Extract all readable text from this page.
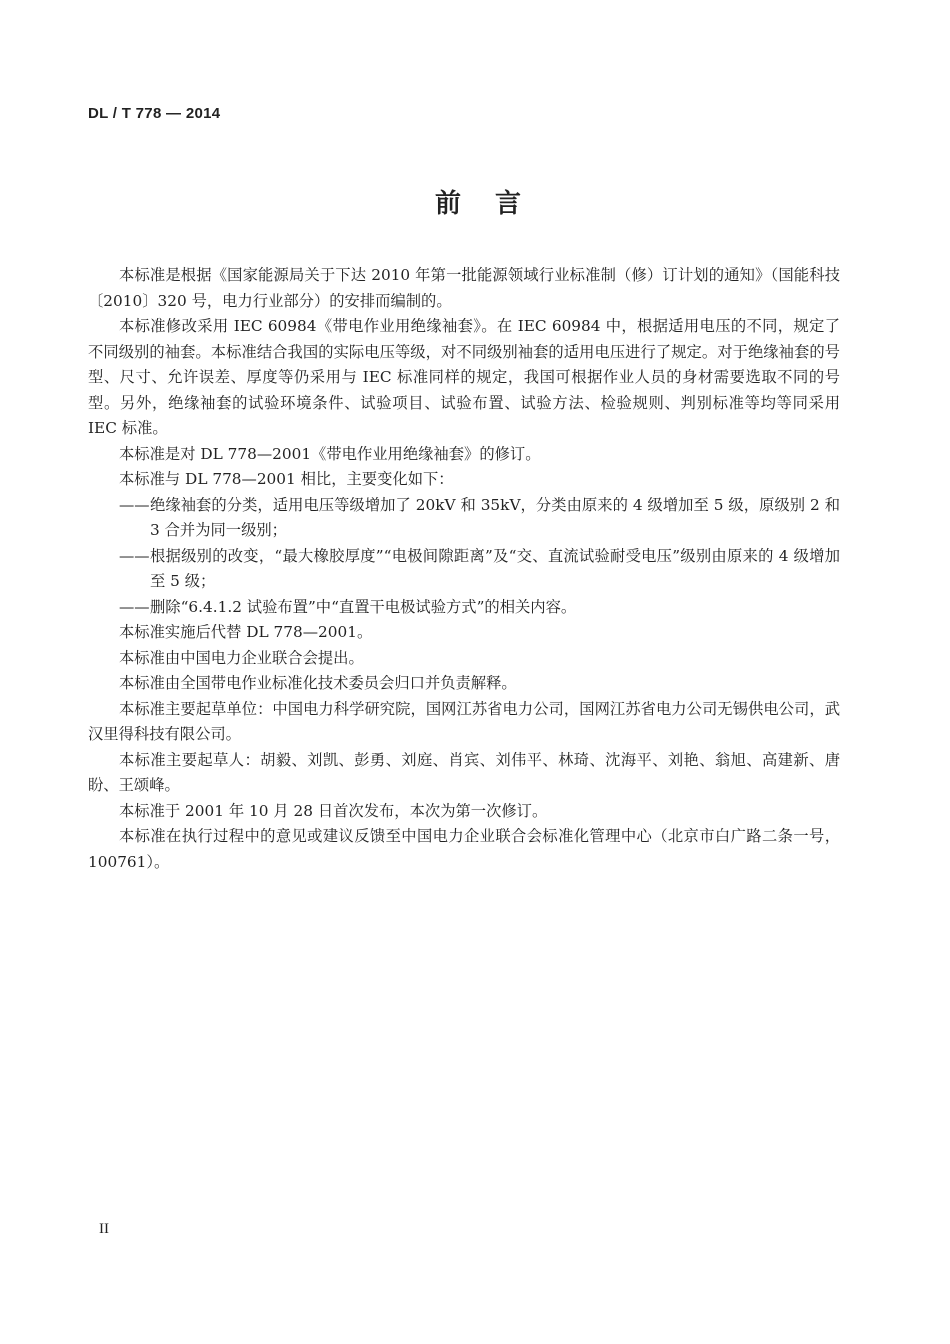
DL / T 778 — 2014
前言

本标准是根据《国家能源局关于下达 2010 年第一批能源领域行业标准制（修）订计划的通知》（国能科技〔2010〕320 号，电力行业部分）的安排而编制的。

本标准修改采用 IEC 60984《带电作业用绝缘袖套》。在 IEC 60984 中，根据适用电压的不同，规定了不同级别的袖套。本标准结合我国的实际电压等级，对不同级别袖套的适用电压进行了规定。对于绝缘袖套的号型、尺寸、允许误差、厚度等仍采用与 IEC 标准同样的规定，我国可根据作业人员的身材需要选取不同的号型。另外，绝缘袖套的试验环境条件、试验项目、试验布置、试验方法、检验规则、判别标准等均等同采用 IEC 标准。

本标准是对 DL 778—2001《带电作业用绝缘袖套》的修订。

本标准与 DL 778—2001 相比，主要变化如下：

—— 绝缘袖套的分类，适用电压等级增加了 20kV 和 35kV，分类由原来的 4 级增加至 5 级，原级别 2 和 3 合并为同一级别；
—— 根据级别的改变，“最大橡胶厚度”“电极间隙距离”及“交、直流试验耐受电压”级别由原来的 4 级增加至 5 级；
—— 删除“6.4.1.2 试验布置”中“直置干电极试验方式”的相关内容。

本标准实施后代替 DL 778—2001。

本标准由中国电力企业联合会提出。

本标准由全国带电作业标准化技术委员会归口并负责解释。

本标准主要起草单位：中国电力科学研究院，国网江苏省电力公司，国网江苏省电力公司无锡供电公司，武汉里得科技有限公司。

本标准主要起草人：胡毅、刘凯、彭勇、刘庭、肖宾、刘伟平、林琦、沈海平、刘艳、翁旭、高建新、唐盼、王颂峰。

本标准于 2001 年 10 月 28 日首次发布，本次为第一次修订。

本标准在执行过程中的意见或建议反馈至中国电力企业联合会标准化管理中心（北京市白广路二条一号，100761）。

II
